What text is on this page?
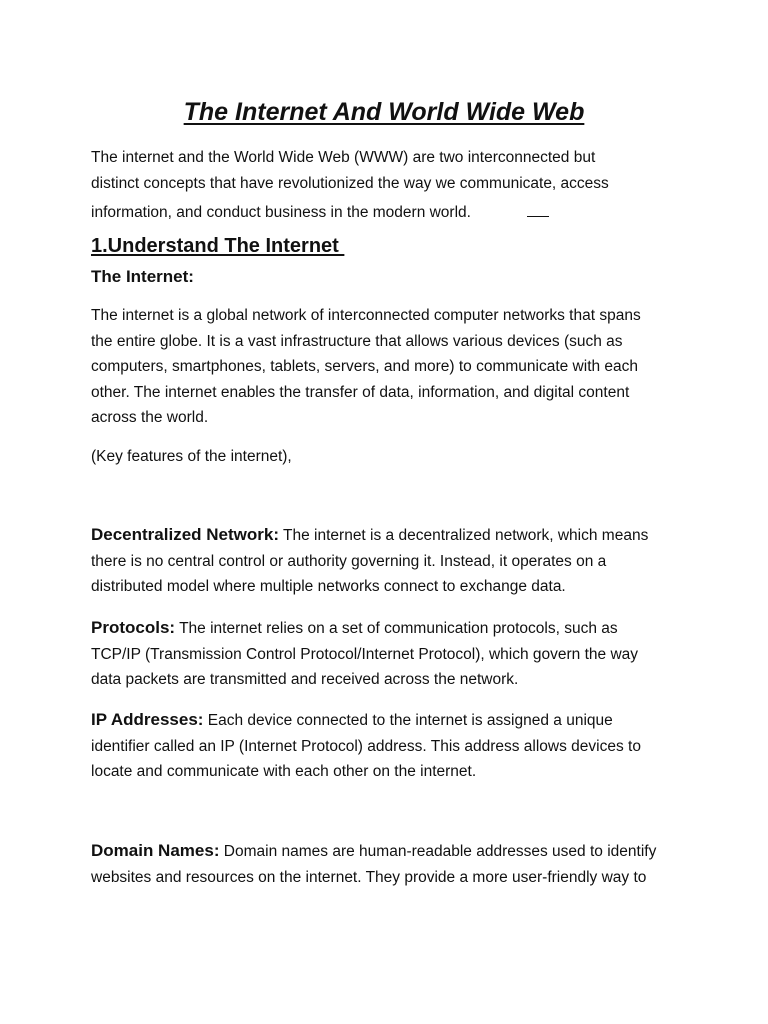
The Internet And World Wide Web

The internet and the World Wide Web (WWW) are two interconnected but
distinct concepts that have revolutionized the way we communicate, access
information, and conduct business in the modern world.

1.Understand The Internet
The Internet:

The internet is a global network of interconnected computer networks that spans
the entire globe. It is a vast infrastructure that allows various devices (such as
computers, smartphones, tablets, servers, and more) to communicate with each
other. The internet enables the transfer of data, information, and digital content
across the world.

(Key features of the internet),

Decentralized Network: The internet is a decentralized network, which means
there is no central control or authority governing it. Instead, it operates on a
distributed model where multiple networks connect to exchange data.

Protocols: The internet relies on a set of communication protocols, such as
TCP/IP (Transmission Control Protocol/Internet Protocol), which govern the way
data packets are transmitted and received across the network.

IP Addresses: Each device connected to the internet is assigned a unique
identifier called an IP (Internet Protocol) address. This address allows devices to
locate and communicate with each other on the internet.

Domain Names: Domain names are human-readable addresses used to identify
websites and resources on the internet. They provide a more user-friendly way to
